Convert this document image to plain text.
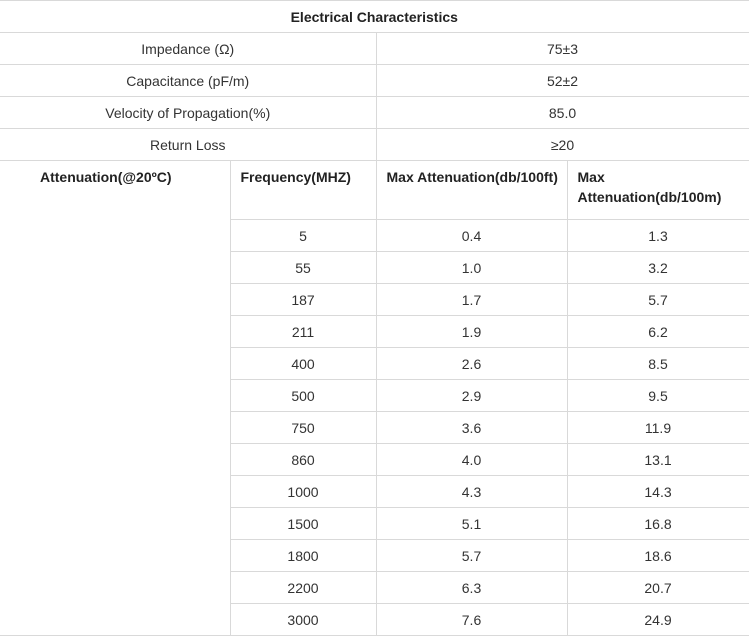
Electrical Characteristics			
Impedance (Ω)		75±3	
Capacitance (pF/m)		52±2	
Velocity of Propagation(%)		85.0	
Return Loss		≥20	
Attenuation(@20ºC)	Frequency(MHZ)	Max Attenuation(db/100ft)	Max Attenuation(db/100m)
	5	0.4	1.3
	55	1.0	3.2
	187	1.7	5.7
	211	1.9	6.2
	400	2.6	8.5
	500	2.9	9.5
	750	3.6	11.9
	860	4.0	13.1
	1000	4.3	14.3
	1500	5.1	16.8
	1800	5.7	18.6
	2200	6.3	20.7
	3000	7.6	24.9
